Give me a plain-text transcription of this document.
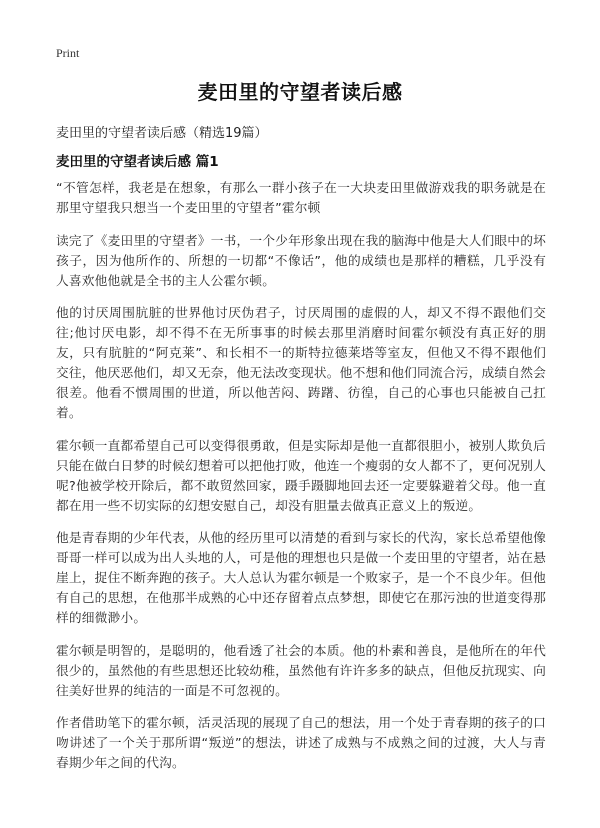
Print
麦田里的守望者读后感
麦田里的守望者读后感（精选19篇）
麦田里的守望者读后感 篇1

“不管怎样，我老是在想象，有那么一群小孩子在一大块麦田里做游戏我的职务就是在那里守望我只想当一个麦田里的守望者”霍尔顿

读完了《麦田里的守望者》一书，一个少年形象出现在我的脑海中他是大人们眼中的坏孩子，因为他所作的、所想的一切都“不像话”，他的成绩也是那样的糟糕，几乎没有人喜欢他他就是全书的主人公霍尔顿。

他的讨厌周围肮脏的世界他讨厌伪君子，讨厌周围的虚假的人，却又不得不跟他们交往;他讨厌电影，却不得不在无所事事的时候去那里消磨时间霍尔顿没有真正好的朋友，只有肮脏的“阿克莱”、和长相不一的斯特拉德莱塔等室友，但他又不得不跟他们交往，他厌恶他们，却又无奈，他无法改变现状。他不想和他们同流合污，成绩自然会很差。他看不惯周围的世道，所以他苦闷、踌躇、彷徨，自己的心事也只能被自己扛着。

霍尔顿一直都希望自己可以变得很勇敢，但是实际却是他一直都很胆小，被别人欺负后只能在做白日梦的时候幻想着可以把他打败，他连一个瘦弱的女人都不了，更何况别人呢?他被学校开除后，都不敢贸然回家，蹑手蹑脚地回去还一定要躲避着父母。他一直都在用一些不切实际的幻想安慰自己，却没有胆量去做真正意义上的叛逆。

他是青春期的少年代表，从他的经历里可以清楚的看到与家长的代沟，家长总希望他像哥哥一样可以成为出人头地的人，可是他的理想也只是做一个麦田里的守望者，站在悬崖上，捉住不断奔跑的孩子。大人总认为霍尔顿是一个败家子，是一个不良少年。但他有自己的思想，在他那半成熟的心中还存留着点点梦想，即使它在那污浊的世道变得那样的细微渺小。

霍尔顿是明智的，是聪明的，他看透了社会的本质。他的朴素和善良，是他所在的年代很少的，虽然他的有些思想还比较幼稚，虽然他有许许多多的缺点，但他反抗现实、向往美好世界的纯洁的一面是不可忽视的。

作者借助笔下的霍尔顿，活灵活现的展现了自己的想法，用一个处于青春期的孩子的口吻讲述了一个关于那所谓“叛逆”的想法，讲述了成熟与不成熟之间的过渡，大人与青春期少年之间的代沟。
